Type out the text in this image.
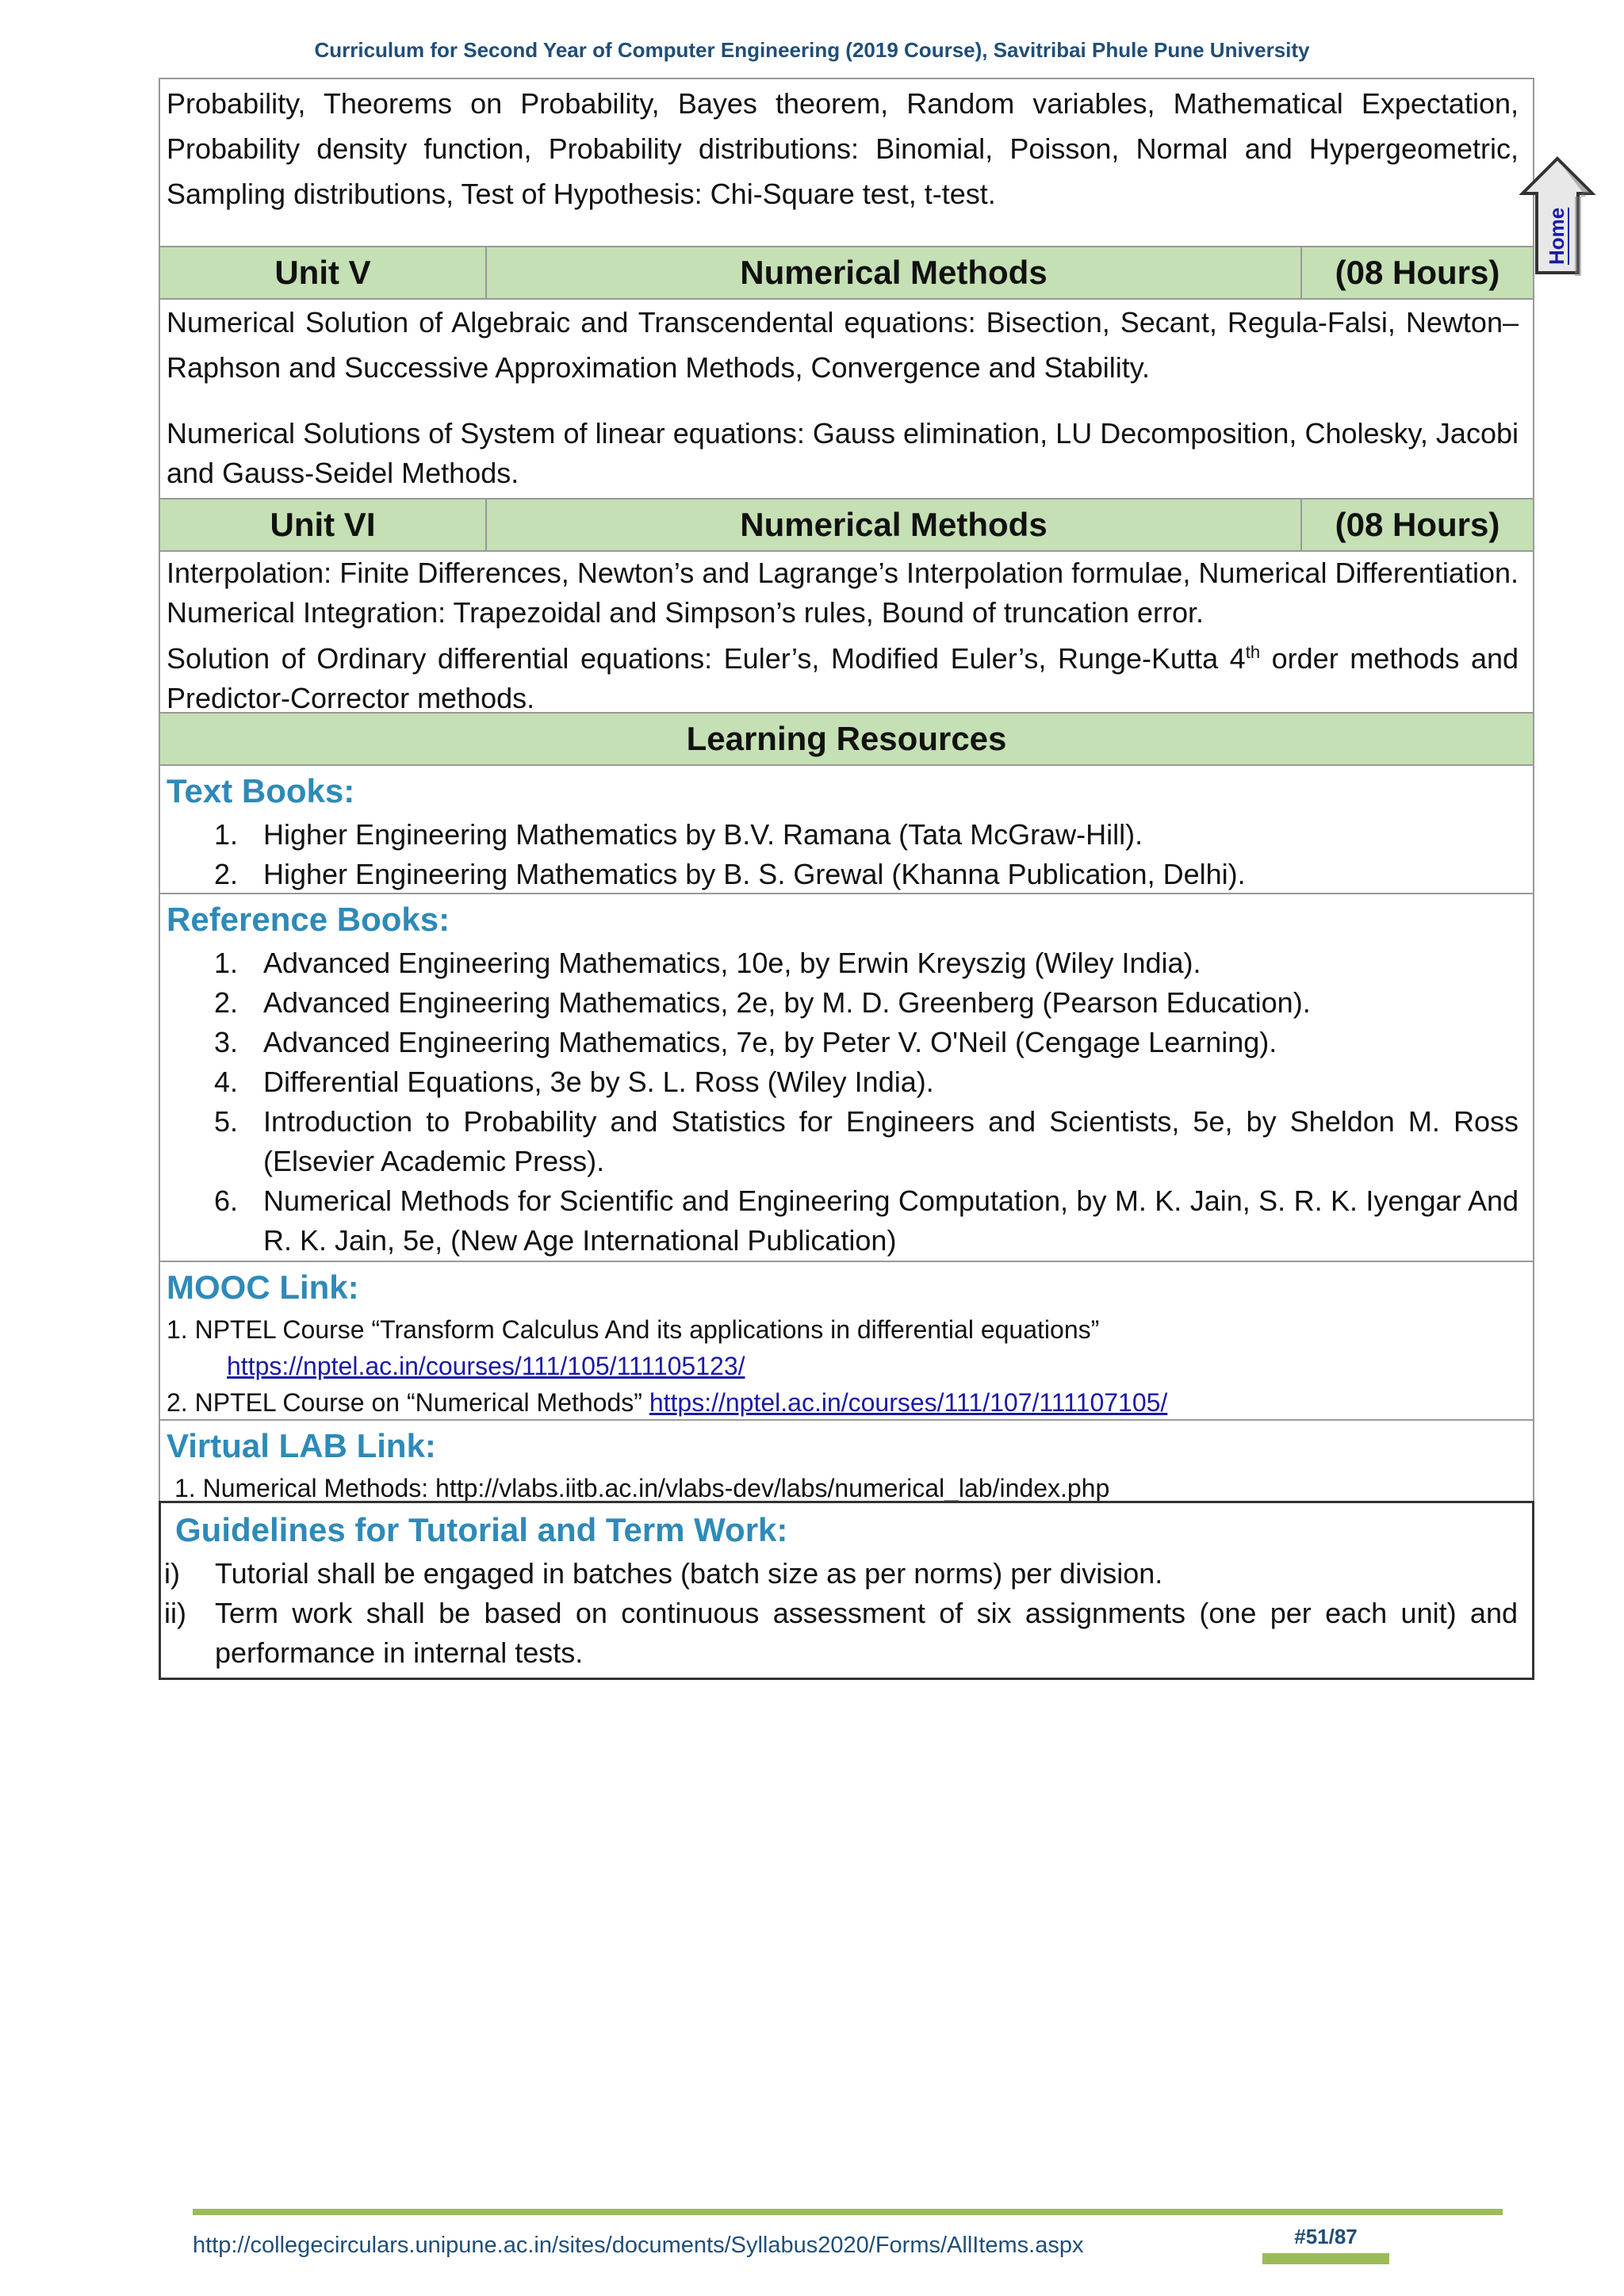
Curriculum for Second Year of Computer Engineering (2019 Course), Savitribai Phule Pune University
Probability, Theorems on Probability, Bayes theorem, Random variables, Mathematical Expectation, Probability density function, Probability distributions: Binomial, Poisson, Normal and Hypergeometric, Sampling distributions, Test of Hypothesis: Chi-Square test, t-test.
Unit V	Numerical Methods	(08 Hours)
Numerical Solution of Algebraic and Transcendental equations: Bisection, Secant, Regula-Falsi, Newton–Raphson and Successive Approximation Methods, Convergence and Stability.
Numerical Solutions of System of linear equations: Gauss elimination, LU Decomposition, Cholesky, Jacobi and Gauss-Seidel Methods.
Unit VI	Numerical Methods	(08 Hours)
Interpolation: Finite Differences, Newton’s and Lagrange’s Interpolation formulae, Numerical Differentiation. Numerical Integration: Trapezoidal and Simpson’s rules, Bound of truncation error.
Solution of Ordinary differential equations: Euler’s, Modified Euler’s, Runge-Kutta 4th order methods and Predictor-Corrector methods.
Learning Resources
Text Books:
1. Higher Engineering Mathematics by B.V. Ramana (Tata McGraw-Hill).
2. Higher Engineering Mathematics by B. S. Grewal (Khanna Publication, Delhi).
Reference Books:
1. Advanced Engineering Mathematics, 10e, by Erwin Kreyszig (Wiley India).
2. Advanced Engineering Mathematics, 2e, by M. D. Greenberg (Pearson Education).
3. Advanced Engineering Mathematics, 7e, by Peter V. O'Neil (Cengage Learning).
4. Differential Equations, 3e by S. L. Ross (Wiley India).
5. Introduction to Probability and Statistics for Engineers and Scientists, 5e, by Sheldon M. Ross (Elsevier Academic Press).
6. Numerical Methods for Scientific and Engineering Computation, by M. K. Jain, S. R. K. Iyengar And R. K. Jain, 5e, (New Age International Publication)
MOOC Link:
1. NPTEL Course “Transform Calculus And its applications in differential equations”
https://nptel.ac.in/courses/111/105/111105123/
2. NPTEL Course on “Numerical Methods” https://nptel.ac.in/courses/111/107/111107105/
Virtual LAB Link:
1. Numerical Methods: http://vlabs.iitb.ac.in/vlabs-dev/labs/numerical_lab/index.php
Guidelines for Tutorial and Term Work:
i)	Tutorial shall be engaged in batches (batch size as per norms) per division.
ii)	Term work shall be based on continuous assessment of six assignments (one per each unit) and performance in internal tests.
Home
http://collegecirculars.unipune.ac.in/sites/documents/Syllabus2020/Forms/AllItems.aspx	#51/87
